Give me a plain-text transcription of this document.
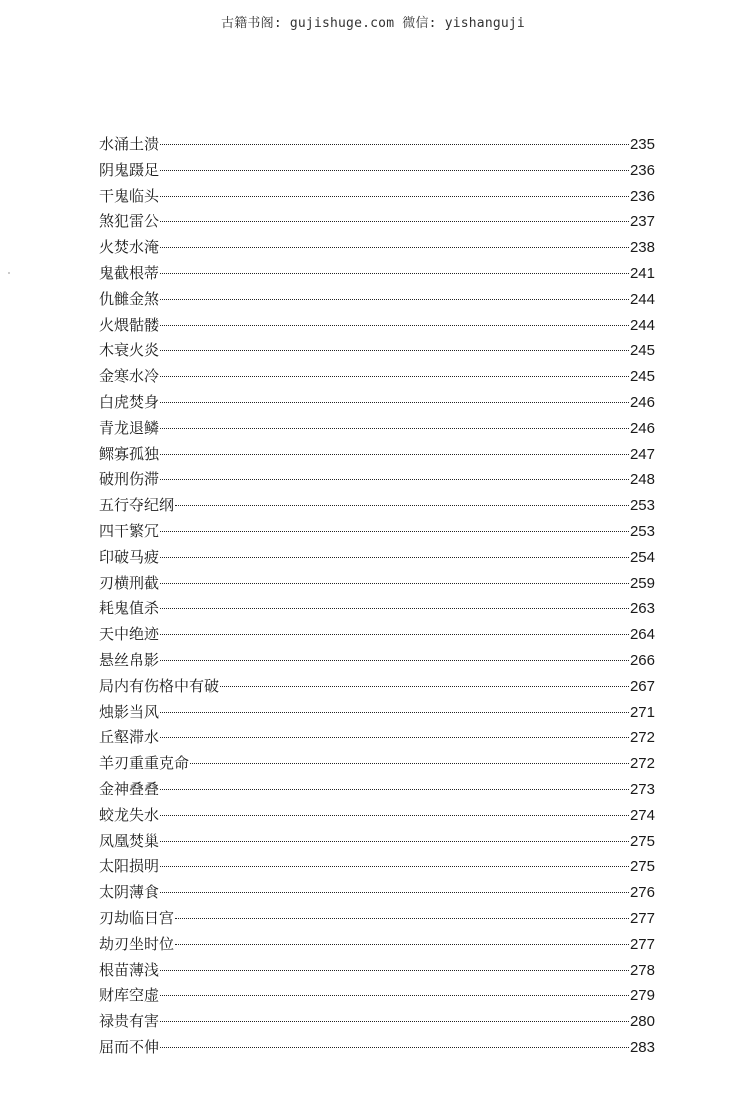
古籍书阁: gujishuge.com 微信: yishanguji
水涌土溃	235
阴鬼蹑足	236
干鬼临头	236
煞犯雷公	237
火焚水淹	238
鬼截根蒂	241
仇雠金煞	244
火煨骷髅	244
木衰火炎	245
金寒水冷	245
白虎焚身	246
青龙退鳞	246
鳏寡孤独	247
破刑伤滞	248
五行夺纪纲	253
四干繁冗	253
印破马疲	254
刃横刑截	259
耗鬼值杀	263
天中绝迹	264
悬丝帛影	266
局内有伤格中有破	267
烛影当风	271
丘壑滞水	272
羊刃重重克命	272
金神叠叠	273
蛟龙失水	274
凤凰焚巢	275
太阳损明	275
太阴薄食	276
刃劫临日宫	277
劫刃坐时位	277
根苗薄浅	278
财库空虚	279
禄贵有害	280
屈而不伸	283
